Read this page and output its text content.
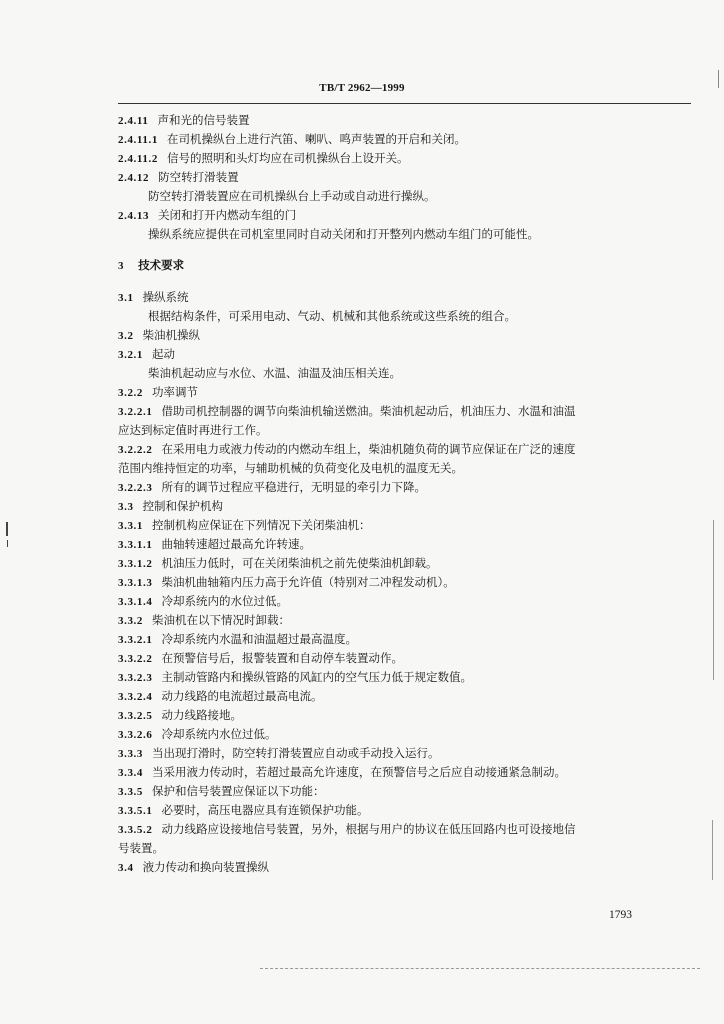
TB/T 2962—1999
2.4.11 声和光的信号装置
2.4.11.1 在司机操纵台上进行汽笛、喇叭、鸣声装置的开启和关闭。
2.4.11.2 信号的照明和头灯均应在司机操纵台上设开关。
2.4.12 防空转打滑装置
防空转打滑装置应在司机操纵台上手动或自动进行操纵。
2.4.13 关闭和打开内燃动车组的门
操纵系统应提供在司机室里同时自动关闭和打开整列内燃动车组门的可能性。
3 技术要求
3.1 操纵系统
根据结构条件，可采用电动、气动、机械和其他系统或这些系统的组合。
3.2 柴油机操纵
3.2.1 起动
柴油机起动应与水位、水温、油温及油压相关连。
3.2.2 功率调节
3.2.2.1 借助司机控制器的调节向柴油机输送燃油。柴油机起动后，机油压力、水温和油温
应达到标定值时再进行工作。
3.2.2.2 在采用电力或液力传动的内燃动车组上，柴油机随负荷的调节应保证在广泛的速度
范围内维持恒定的功率，与辅助机械的负荷变化及电机的温度无关。
3.2.2.3 所有的调节过程应平稳进行，无明显的牵引力下降。
3.3 控制和保护机构
3.3.1 控制机构应保证在下列情况下关闭柴油机：
3.3.1.1 曲轴转速超过最高允许转速。
3.3.1.2 机油压力低时，可在关闭柴油机之前先使柴油机卸载。
3.3.1.3 柴油机曲轴箱内压力高于允许值（特别对二冲程发动机）。
3.3.1.4 冷却系统内的水位过低。
3.3.2 柴油机在以下情况时卸载：
3.3.2.1 冷却系统内水温和油温超过最高温度。
3.3.2.2 在预警信号后，报警装置和自动停车装置动作。
3.3.2.3 主制动管路内和操纵管路的风缸内的空气压力低于规定数值。
3.3.2.4 动力线路的电流超过最高电流。
3.3.2.5 动力线路接地。
3.3.2.6 冷却系统内水位过低。
3.3.3 当出现打滑时，防空转打滑装置应自动或手动投入运行。
3.3.4 当采用液力传动时，若超过最高允许速度，在预警信号之后应自动接通紧急制动。
3.3.5 保护和信号装置应保证以下功能：
3.3.5.1 必要时，高压电器应具有连锁保护功能。
3.3.5.2 动力线路应设接地信号装置，另外，根据与用户的协议在低压回路内也可设接地信
号装置。
3.4 液力传动和换向装置操纵
1793
